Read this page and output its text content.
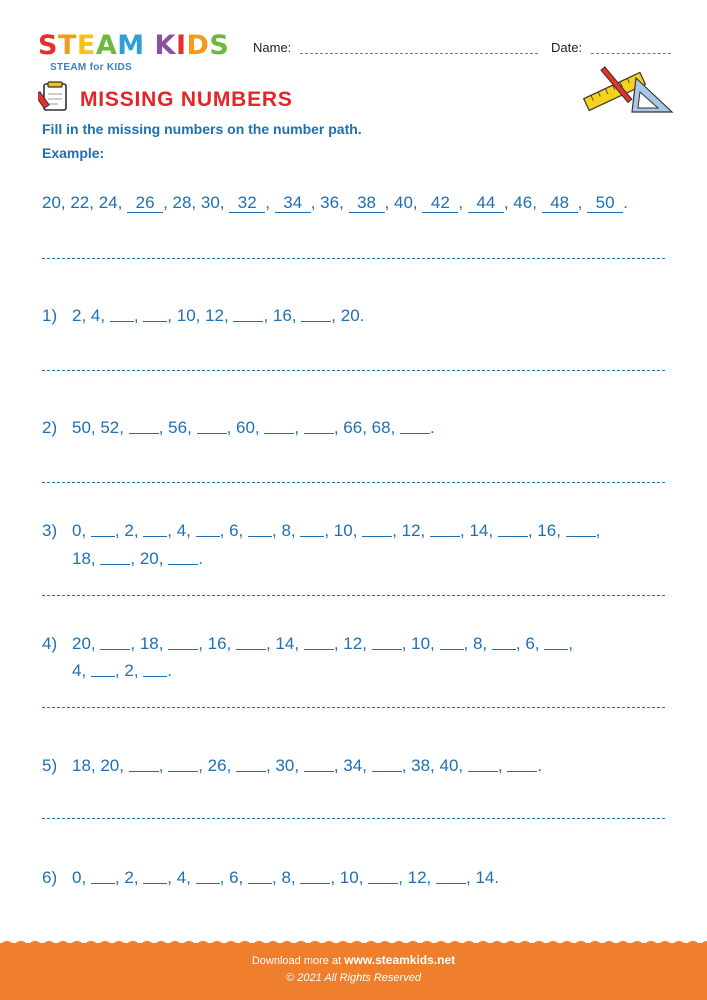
STEAM KIDS
STEAM for KIDS
Name:	Date:
MISSING NUMBERS
Fill in the missing numbers on the number path.
Example:
20, 22, 24, 26 , 28, 30, 32 , 34 , 36, 38 , 40, 42 , 44 , 46, 48 , 50 .
1) 2, 4, , , 10, 12, , 16, , 20.
2) 50, 52, , 56, , 60, , , 66, 68, .
3) 0, , 2, , 4, , 6, , 8, , 10, , 12, , 14, , 16, ,
18, , 20, .
4) 20, , 18, , 16, , 14, , 12, , 10, , 8, , 6, ,
4, , 2, .
5) 18, 20, , , 26, , 30, , 34, , 38, 40, , .
6) 0, , 2, , 4, , 6, , 8, , 10, , 12, , 14.
Download more at www.steamkids.net
© 2021 All Rights Reserved
